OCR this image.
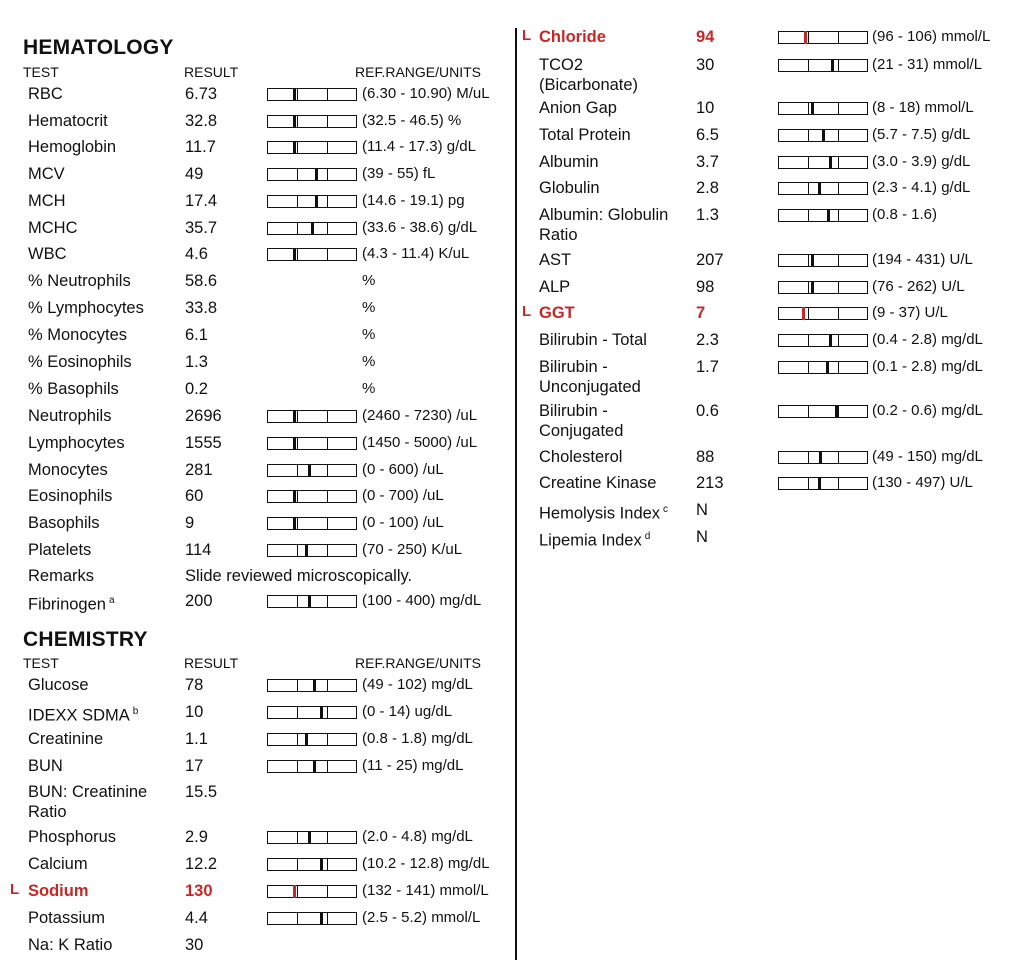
HEMATOLOGY
TEST	RESULT	REF.RANGE/UNITS
RBC	6.73	(6.30 - 10.90) M/uL
Hematocrit	32.8	(32.5 - 46.5) %
Hemoglobin	11.7	(11.4 - 17.3) g/dL
MCV	49	(39 - 55) fL
MCH	17.4	(14.6 - 19.1) pg
MCHC	35.7	(33.6 - 38.6) g/dL
WBC	4.6	(4.3 - 11.4) K/uL
% Neutrophils	58.6	%
% Lymphocytes 33.8	%
% Monocytes	6.1	%
% Eosinophils	1.3	%
% Basophils	0.2	%
Neutrophils	2696	(2460 - 7230) /uL
Lymphocytes	1555	(1450 - 5000) /uL
Monocytes	281	(0 - 600) /uL
Eosinophils	60	(0 - 700) /uL
Basophils	9	(0 - 100) /uL
Platelets	114	(70 - 250) K/uL
Remarks	Slide reviewed microscopically.
Fibrinogen $^a$	200	(100 - 400) mg/dL
CHEMISTRY
TEST	RESULT	REF.RANGE/UNITS
Glucose	78	(49 - 102) mg/dL
IDEXX SDMA $^b$	10	(0 - 14) ug/dL
Creatinine	1.1	(0.8 - 1.8) mg/dL
BUN	17	(11 - 25) mg/dL
BUN: Creatinine
Ratio
15.5
Phosphorus	2.9	(2.0 - 4.8) mg/dL
Calcium	12.2	(10.2 - 12.8) mg/dL
L Sodium	130	(132 - 141) mmol/L
Potassium	4.4	(2.5 - 5.2) mmol/L
Na: K Ratio	30
L Chloride	94	(96 - 106) mmol/L
TCO2
(Bicarbonate)
30	(21 - 31) mmol/L
Anion Gap	10	(8 - 18) mmol/L
Total Protein	6.5	(5.7 - 7.5) g/dL
Albumin	3.7	(3.0 - 3.9) g/dL
Globulin	2.8	(2.3 - 4.1) g/dL
Albumin: Globulin
Ratio
1.3	(0.8 - 1.6)
AST	207	(194 - 431) U/L
ALP	98	(76 - 262) U/L
L GGT	7	(9 - 37) U/L
Bilirubin - Total	2.3	(0.4 - 2.8) mg/dL
Bilirubin -
Unconjugated
1.7	(0.1 - 2.8) mg/dL
Bilirubin -
Conjugated
0.6	(0.2 - 0.6) mg/dL
Cholesterol	88	(49 - 150) mg/dL
Creatine Kinase 213	(130 - 497) U/L
Hemolysis Index $^c$ N
Lipemia Index $^d$	N
